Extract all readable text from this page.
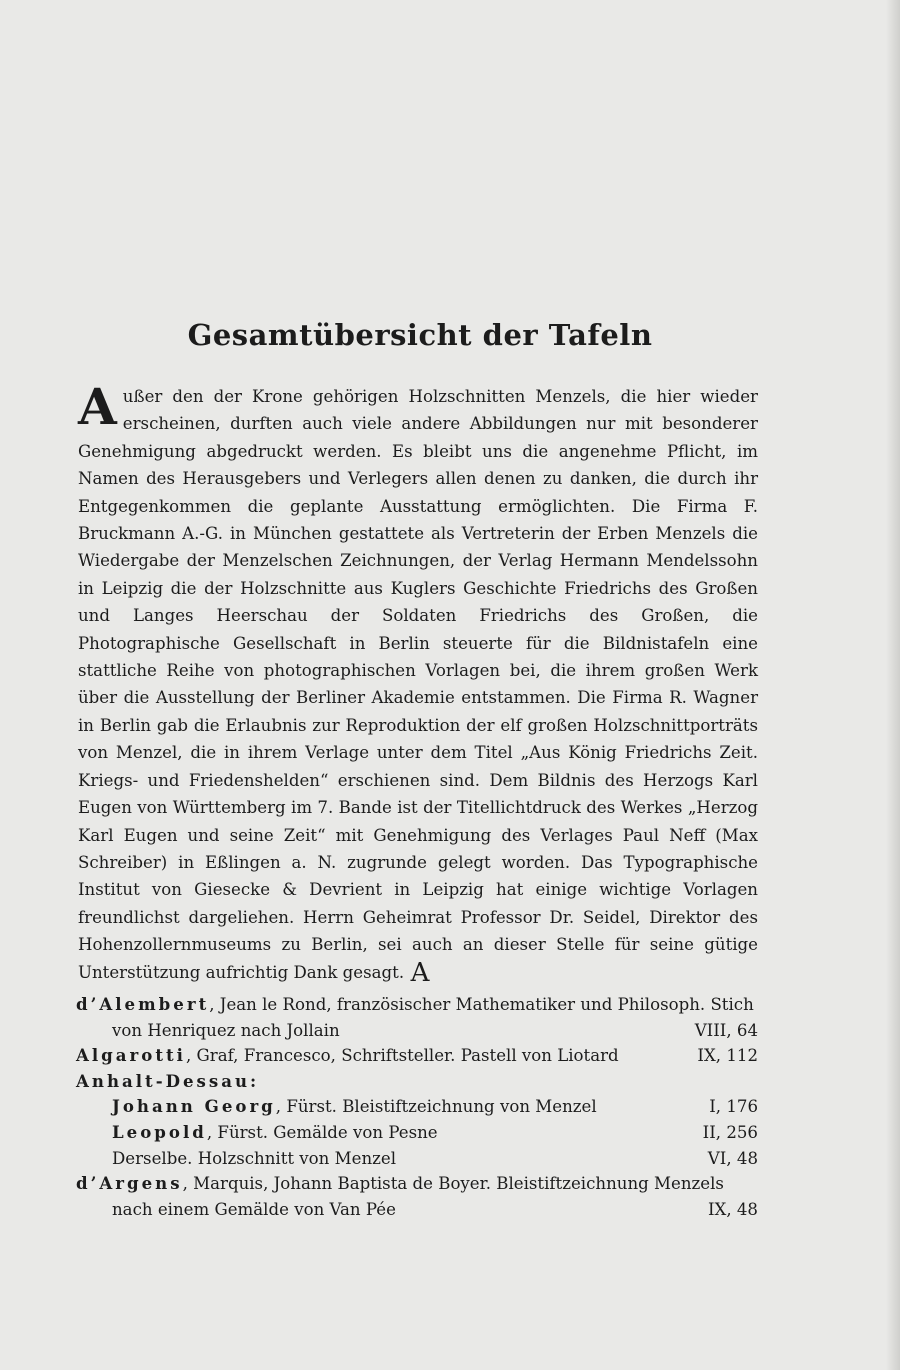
Gesamtübersicht der Tafeln
Außer den der Krone gehörigen Holzschnitten Menzels, die hier wieder erscheinen, durften auch viele andere Abbildungen nur mit besonderer Genehmigung abgedruckt werden. Es bleibt uns die angenehme Pflicht, im Namen des Herausgebers und Verlegers allen denen zu danken, die durch ihr Entgegenkommen die geplante Ausstattung ermöglichten. Die Firma F. Bruckmann A.-G. in München gestattete als Vertreterin der Erben Menzels die Wiedergabe der Menzelschen Zeichnungen, der Verlag Hermann Mendelssohn in Leipzig die der Holzschnitte aus Kuglers Geschichte Friedrichs des Großen und Langes Heerschau der Soldaten Friedrichs des Großen, die Photographische Gesellschaft in Berlin steuerte für die Bildnistafeln eine stattliche Reihe von photographischen Vorlagen bei, die ihrem großen Werk über die Ausstellung der Berliner Akademie entstammen. Die Firma R. Wagner in Berlin gab die Erlaubnis zur Reproduktion der elf großen Holzschnittporträts von Menzel, die in ihrem Verlage unter dem Titel „Aus König Friedrichs Zeit. Kriegs- und Friedenshelden“ erschienen sind. Dem Bildnis des Herzogs Karl Eugen von Württemberg im 7. Bande ist der Titellichtdruck des Werkes „Herzog Karl Eugen und seine Zeit“ mit Genehmigung des Verlages Paul Neff (Max Schreiber) in Eßlingen a. N. zugrunde gelegt worden. Das Typographische Institut von Giesecke & Devrient in Leipzig hat einige wichtige Vorlagen freundlichst dargeliehen. Herrn Geheimrat Professor Dr. Seidel, Direktor des Hohenzollernmuseums zu Berlin, sei auch an dieser Stelle für seine gütige Unterstützung aufrichtig Dank gesagt. A
d’Alembert, Jean le Rond, französischer Mathematiker und Philosoph. Stich
von Henriquez nach Jollain	VIII, 64
Algarotti, Graf, Francesco, Schriftsteller. Pastell von Liotard	IX, 112
Anhalt-Dessau:
Johann Georg, Fürst. Bleistiftzeichnung von Menzel	I, 176
Leopold, Fürst. Gemälde von Pesne	II, 256
Derselbe. Holzschnitt von Menzel	VI, 48
d’Argens, Marquis, Johann Baptista de Boyer. Bleistiftzeichnung Menzels
nach einem Gemälde von Van Pée	IX, 48
